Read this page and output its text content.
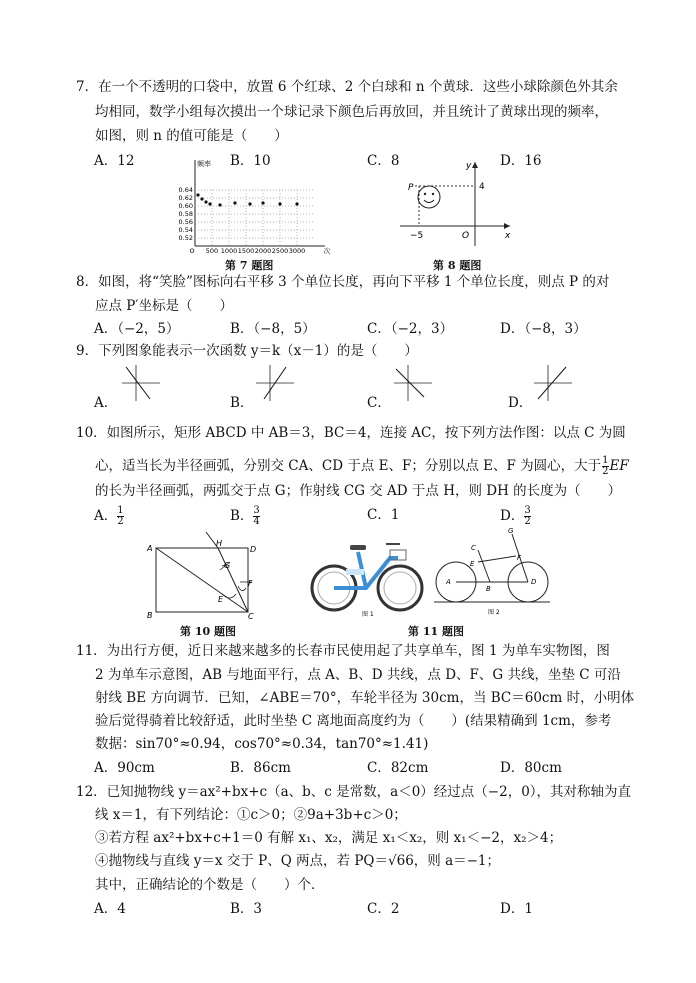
7．在一个不透明的口袋中，放置 6 个红球、2 个白球和 n 个黄球．这些小球除颜色外其余
均相同，数学小组每次摸出一个球记录下颜色后再放回，并且统计了黄球出现的频率，
如图，则 n 的值可能是（　　）
A．12	B．10	C．8	D．16
频率
0.64
0.62
0.60
0.58
0.56
0.54
0.52
O 500 1000 1500 2000 2500 3000	次
第 7 题图
y
x
P	4
−5	O
第 8 题图
8．如图，将“笑脸”图标向右平移 3 个单位长度，再向下平移 1 个单位长度，则点 P 的对
应点 P′坐标是（　　）
A．（−2，5）	B．（−8，5）	C．（−2，3）	D．（−8，3）
9．下列图象能表示一次函数 y＝k（x－1）的是（　　）
A．	B．	C．	D．
10．如图所示，矩形 ABCD 中 AB＝3，BC＝4，连接 AC，按下列方法作图：以点 C 为圆
心，适当长为半径画弧，分别交 CA、CD 于点 E、F；分别以点 E、F 为圆心，大于 $\frac{1}{2}$ EF
的长为半径画弧，两弧交于点 G；作射线 CG 交 AD 于点 H，则 DH 的长度为（　　）
A． $\frac{1}{2}$	B． $\frac{3}{4}$	C．1	D． $\frac{3}{2}$
A
B	C
D
E
F
G
H
第 10 题图
图 1
A
B
C
D
E
F
G
图 2
第 11 题图
11．为出行方便，近日来越来越多的长春市民使用起了共享单车，图 1 为单车实物图，图
2 为单车示意图，AB 与地面平行，点 A、B、D 共线，点 D、F、G 共线，坐垫 C 可沿
射线 BE 方向调节．已知，∠ABE＝70°，车轮半径为 30cm，当 BC＝60cm 时，小明体
验后觉得骑着比较舒适，此时坐垫 C 离地面高度约为（　　）(结果精确到 1cm，参考
数据：sin70°≈0.94，cos70°≈0.34，tan70°≈1.41)
A．90cm	B．86cm	C．82cm	D．80cm
12．已知抛物线 y＝ax²+bx+c（a、b、c 是常数，a＜0）经过点（−2，0），其对称轴为直
线 x＝1，有下列结论：①c＞0；②9a+3b+c＞0；
③若方程 ax²+bx+c+1＝0 有解 x₁、x₂，满足 x₁＜x₂，则 x₁＜−2，x₂＞4；
④抛物线与直线 y＝x 交于 P、Q 两点，若 PQ＝√66，则 a＝−1；
其中，正确结论的个数是（　　）个．
A．4	B．3	C．2	D．1
